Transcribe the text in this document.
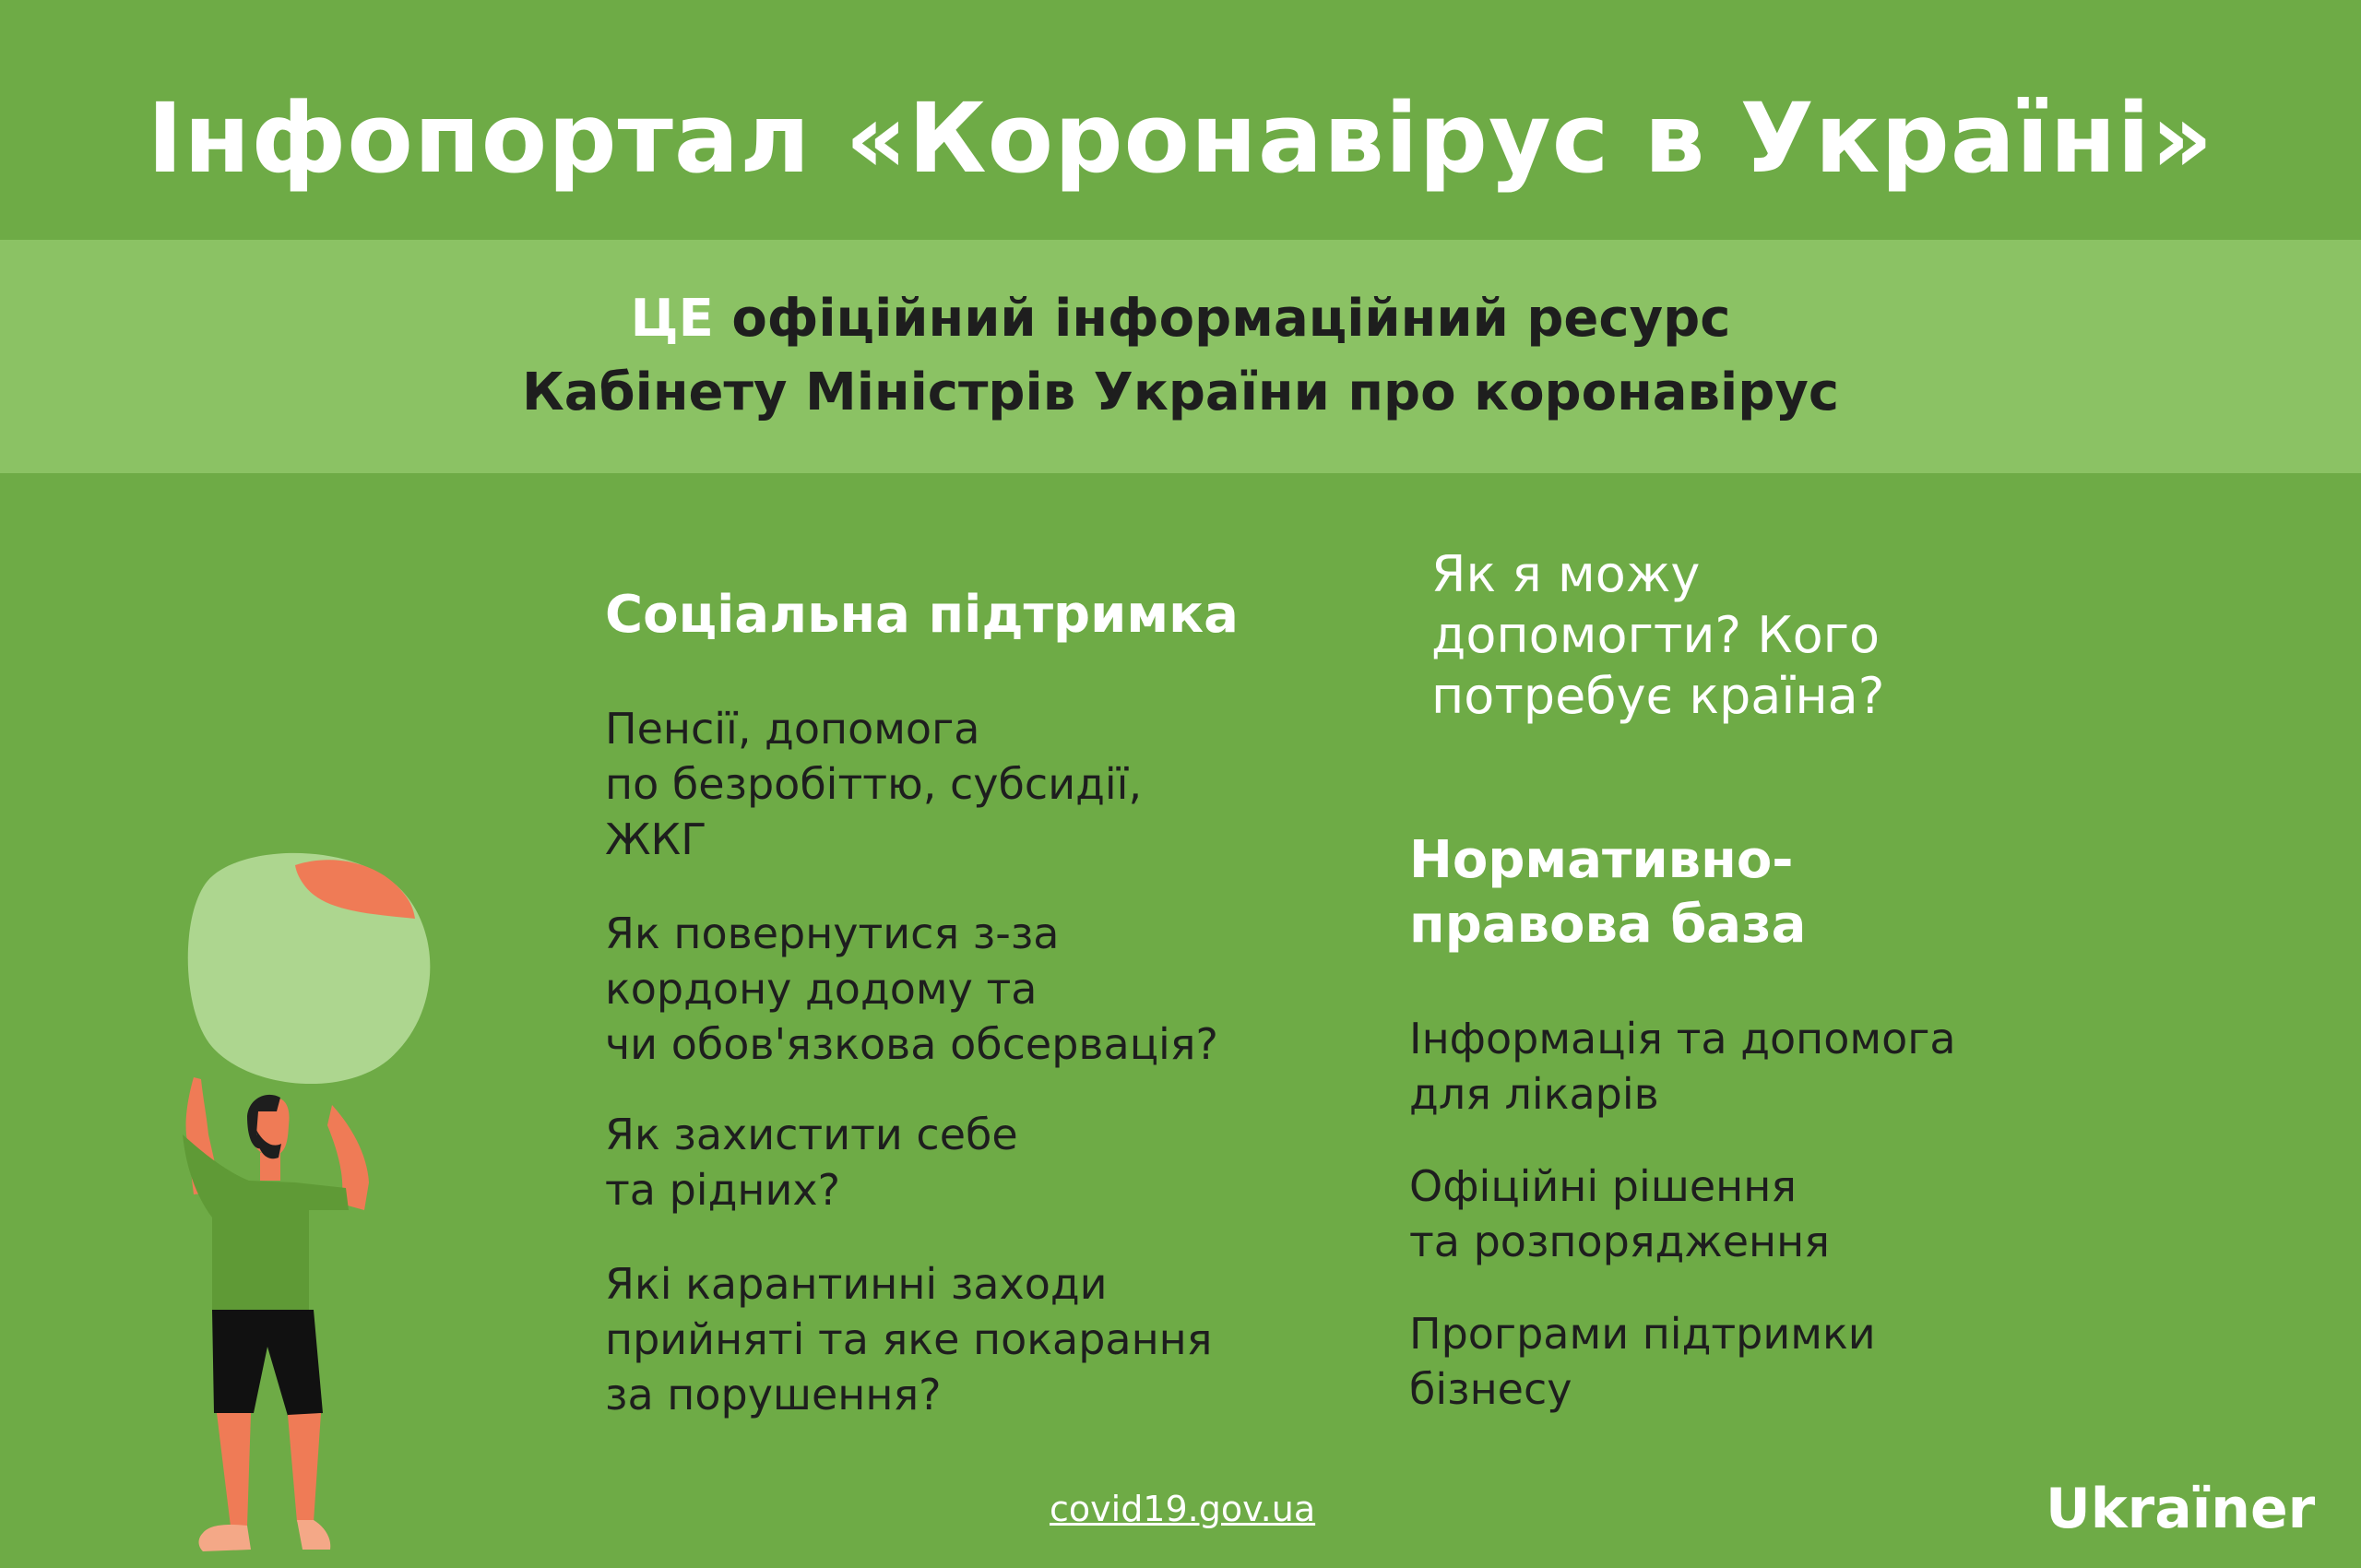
Інфопортал «Коронавірус в Україні»
ЦЕ офіційний інформаційний ресурс
Кабінету Міністрів України про коронавірус
Соціальна підтримка
Пенсії, допомога
по безробіттю, субсидії,
ЖКГ
Як повернутися з-за
кордону додому та
чи обов'язкова обсервація?
Як захистити себе
та рідних?
Які карантинні заходи
прийняті та яке покарання
за порушення?
Як я можу
допомогти? Кого
потребує країна?
Нормативно-
правова база
Інформація та допомога
для лікарів
Офіційні рішення
та розпорядження
Програми підтримки
бізнесу
covid19.gov.ua	Ukraїner
